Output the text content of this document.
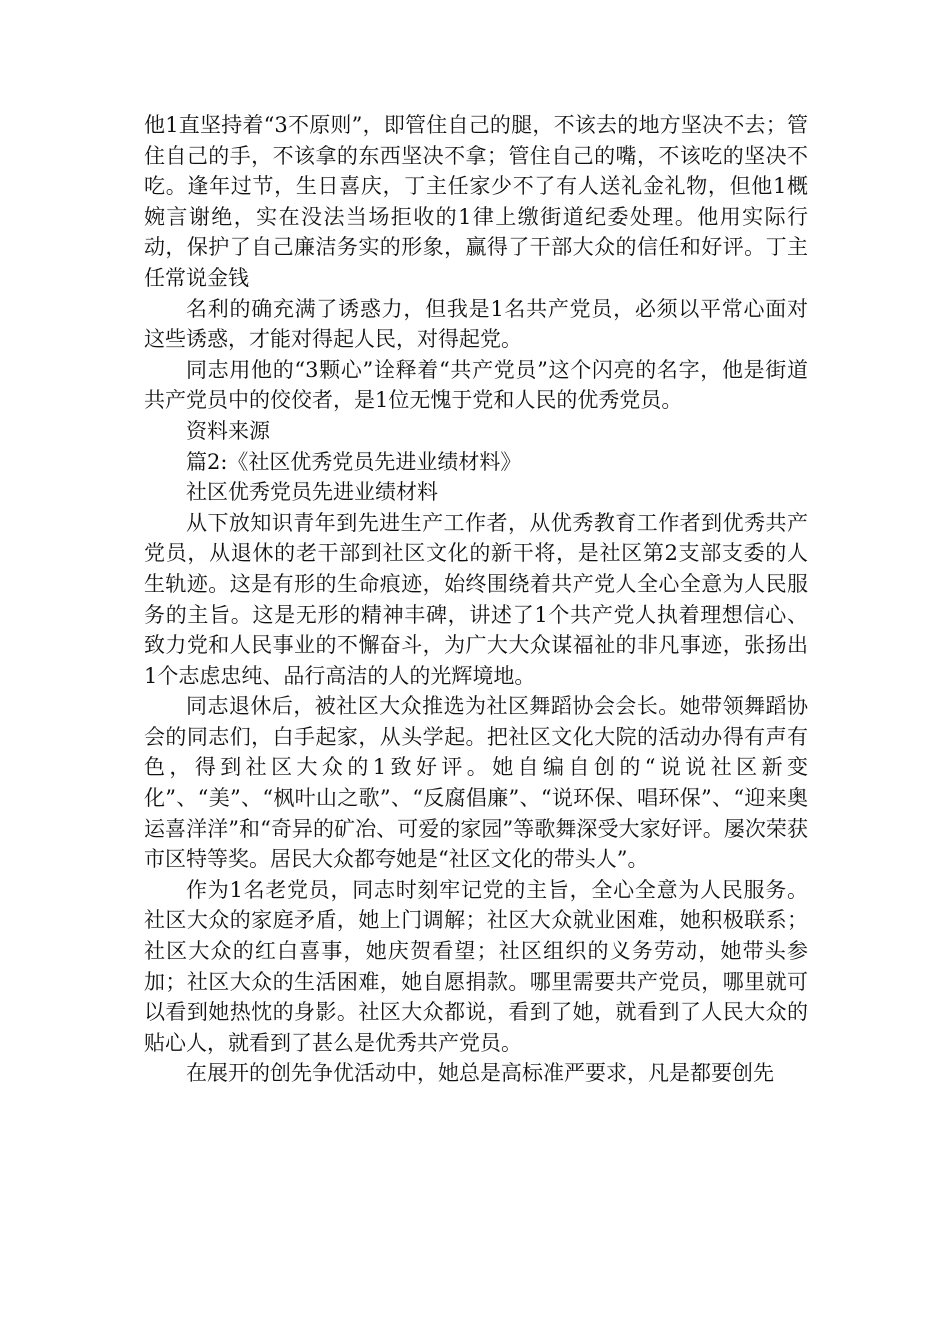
他1直坚持着“3不原则”，即管住自己的腿，不该去的地方坚决不去；管住自己的手，不该拿的东西坚决不拿；管住自己的嘴，不该吃的坚决不吃。逢年过节，生日喜庆，丁主任家少不了有人送礼金礼物，但他1概婉言谢绝，实在没法当场拒收的1律上缴街道纪委处理。他用实际行动，保护了自己廉洁务实的形象，赢得了干部大众的信任和好评。丁主任常说金钱

名利的确充满了诱惑力，但我是1名共产党员，必须以平常心面对这些诱惑，才能对得起人民，对得起党。

同志用他的“3颗心”诠释着“共产党员”这个闪亮的名字，他是街道共产党员中的佼佼者，是1位无愧于党和人民的优秀党员。

资料来源

篇2:《社区优秀党员先进业绩材料》

社区优秀党员先进业绩材料

从下放知识青年到先进生产工作者，从优秀教育工作者到优秀共产党员，从退休的老干部到社区文化的新干将，是社区第2支部支委的人生轨迹。这是有形的生命痕迹，始终围绕着共产党人全心全意为人民服务的主旨。这是无形的精神丰碑，讲述了1个共产党人执着理想信心、致力党和人民事业的不懈奋斗，为广大大众谋福祉的非凡事迹，张扬出1个志虑忠纯、品行高洁的人的光辉境地。

同志退休后，被社区大众推选为社区舞蹈协会会长。她带领舞蹈协会的同志们，白手起家，从头学起。把社区文化大院的活动办得有声有色，得到社区大众的1致好评。她自编自创的“说说社区新变化”、“美”、“枫叶山之歌”、“反腐倡廉”、“说环保、唱环保”、“迎来奥运喜洋洋”和“奇异的矿冶、可爱的家园”等歌舞深受大家好评。屡次荣获市区特等奖。居民大众都夸她是“社区文化的带头人”。

作为1名老党员，同志时刻牢记党的主旨，全心全意为人民服务。社区大众的家庭矛盾，她上门调解；社区大众就业困难，她积极联系；社区大众的红白喜事，她庆贺看望；社区组织的义务劳动，她带头参加；社区大众的生活困难，她自愿捐款。哪里需要共产党员，哪里就可以看到她热忱的身影。社区大众都说，看到了她，就看到了人民大众的贴心人，就看到了甚么是优秀共产党员。

在展开的创先争优活动中，她总是高标准严要求，凡是都要创先
